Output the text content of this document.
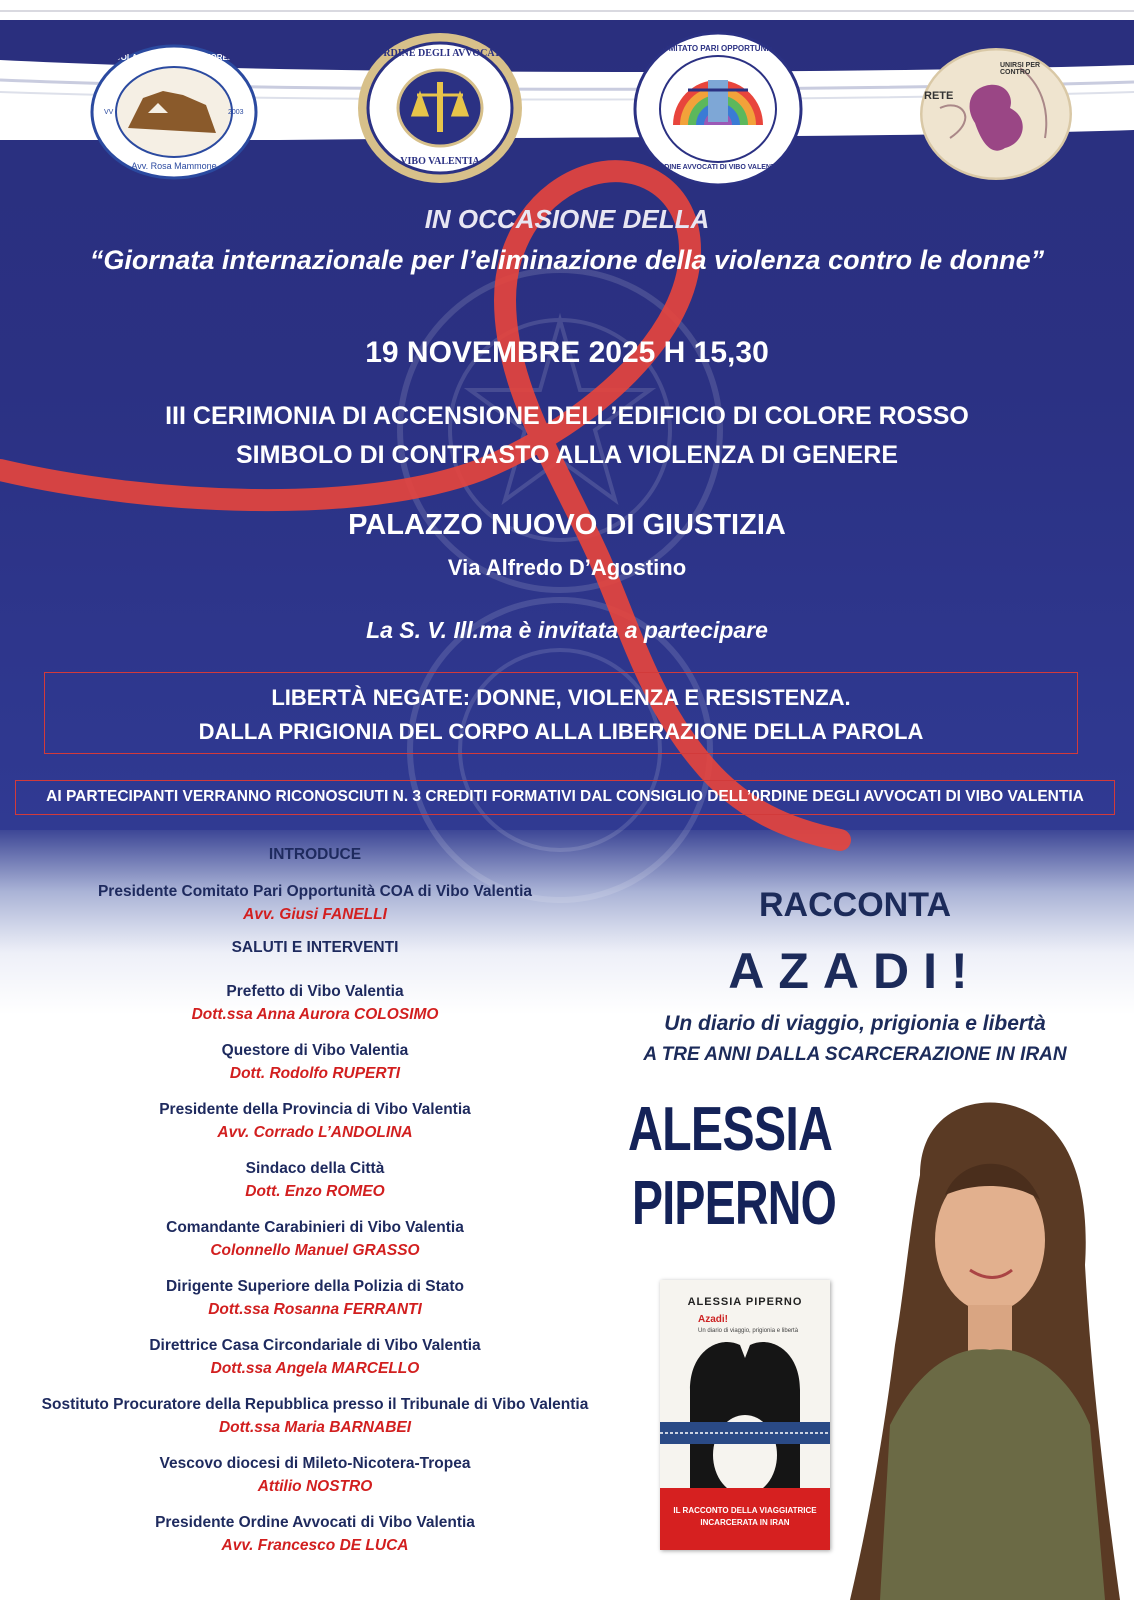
SCUOLA DI FORMAZIONE FORENSE
Avv. Rosa Mammone
VV	2003
ORDINE DEGLI AVVOCATI
VIBO VALENTIA
COMITATO PARI OPPORTUNITÀ
ORDINE AVVOCATI DI VIBO VALENTIA
RETE
UNIRSI PER CONTRO
IN OCCASIONE DELLA
“Giornata internazionale per l’eliminazione della violenza contro le donne”
19 NOVEMBRE 2025 H 15,30
III CERIMONIA DI ACCENSIONE DELL’EDIFICIO DI COLORE ROSSO
SIMBOLO DI CONTRASTO ALLA VIOLENZA DI GENERE
PALAZZO NUOVO DI GIUSTIZIA
Via Alfredo D’Agostino
La S. V. Ill.ma è invitata a partecipare
LIBERTÀ NEGATE: DONNE, VIOLENZA E RESISTENZA.
DALLA PRIGIONIA DEL CORPO ALLA LIBERAZIONE DELLA PAROLA
AI PARTECIPANTI VERRANNO RICONOSCIUTI N. 3 CREDITI FORMATIVI DAL CONSIGLIO DELL’0RDINE DEGLI AVVOCATI DI VIBO VALENTIA
INTRODUCE
Presidente Comitato Pari Opportunità COA di Vibo Valentia
Avv. Giusi FANELLI
SALUTI E INTERVENTI
Prefetto di Vibo Valentia
Dott.ssa Anna Aurora COLOSIMO
Questore di Vibo Valentia
Dott. Rodolfo RUPERTI
Presidente della Provincia di Vibo Valentia
Avv. Corrado L’ANDOLINA
Sindaco della Città
Dott. Enzo ROMEO
Comandante Carabinieri di Vibo Valentia
Colonnello Manuel GRASSO
Dirigente Superiore della Polizia di Stato
Dott.ssa Rosanna FERRANTI
Direttrice Casa Circondariale di Vibo Valentia
Dott.ssa Angela MARCELLO
Sostituto Procuratore della Repubblica presso il Tribunale di Vibo Valentia
Dott.ssa Maria BARNABEI
Vescovo diocesi di Mileto-Nicotera-Tropea
Attilio NOSTRO
Presidente Ordine Avvocati di Vibo Valentia
Avv. Francesco DE LUCA
RACCONTA
AZADI!
Un diario di viaggio, prigionia e libertà
A TRE ANNI DALLA SCARCERAZIONE IN IRAN
ALESSIA
PIPERNO
ALESSIA PIPERNO
Azadi!
Un diario di viaggio, prigionia e libertà
IL RACCONTO DELLA VIAGGIATRICE
INCARCERATA IN IRAN
